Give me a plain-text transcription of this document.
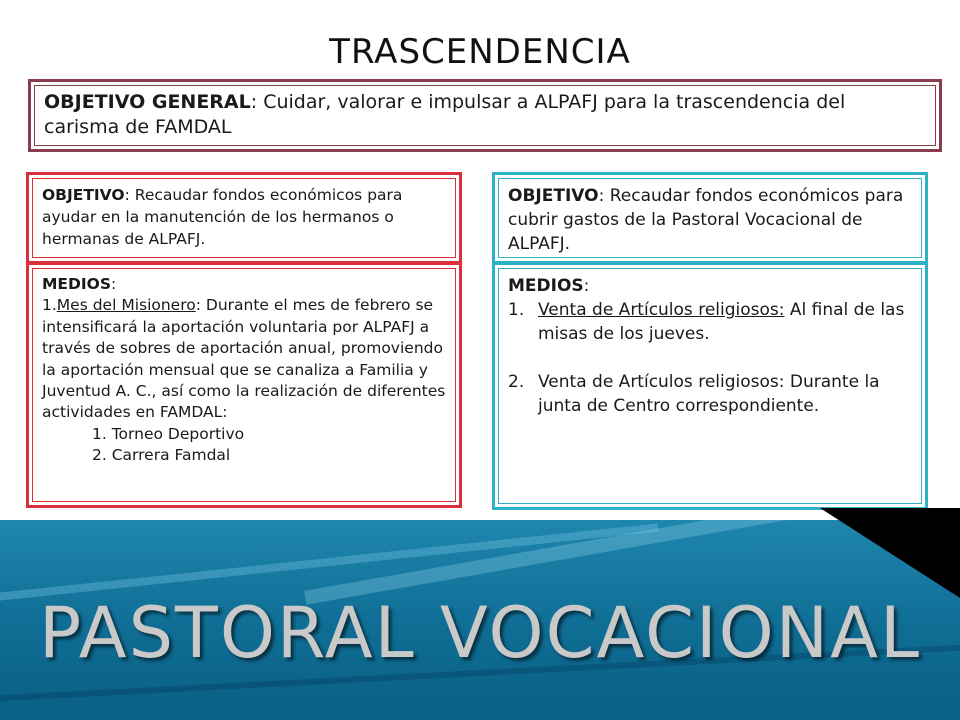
TRASCENDENCIA
OBJETIVO GENERAL: Cuidar, valorar e impulsar a ALPAFJ para la trascendencia del carisma de FAMDAL
OBJETIVO: Recaudar fondos económicos para ayudar en la manutención de los hermanos o hermanas de ALPAFJ.
MEDIOS:
1.Mes del Misionero: Durante el mes de febrero se intensificará la aportación voluntaria por ALPAFJ a través de sobres de aportación anual, promoviendo la aportación mensual que se canaliza a Familia y Juventud A. C., así como la realización de diferentes actividades en FAMDAL:
1. Torneo Deportivo
2. Carrera Famdal
OBJETIVO: Recaudar fondos económicos para cubrir gastos de la Pastoral Vocacional de ALPAFJ.
MEDIOS:
1. Venta de Artículos religiosos: Al final de las misas de los jueves.
2. Venta de Artículos religiosos: Durante la junta de Centro correspondiente.
PASTORAL VOCACIONAL
